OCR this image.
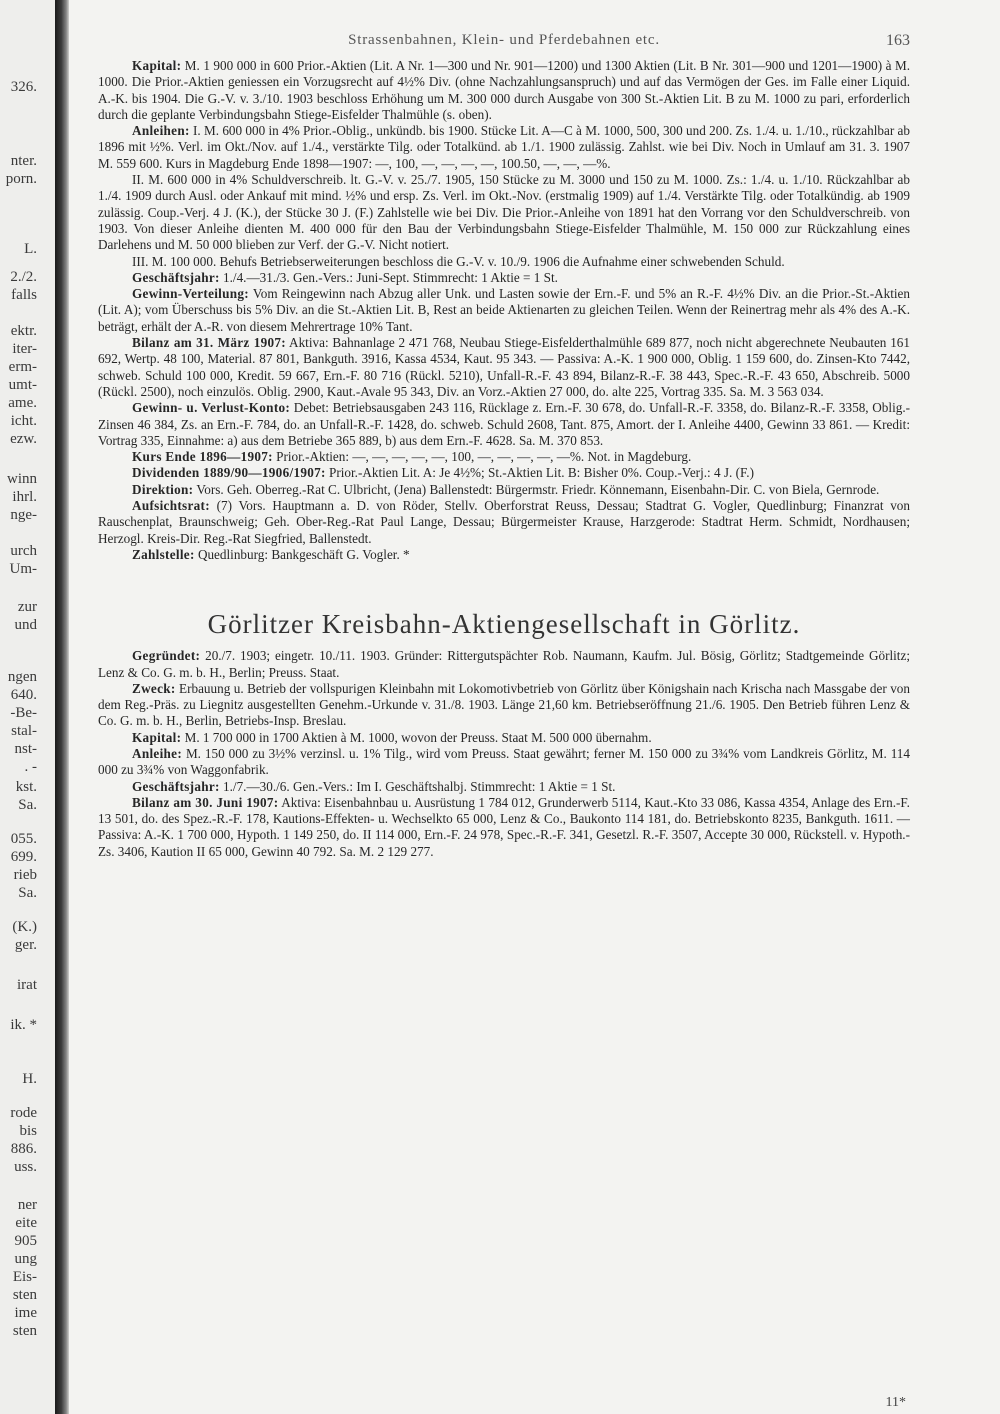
326.
nter.
porn.
L.
2./2.
falls
ektr.
iter-
erm-
umt-
ame.
icht.
ezw.
winn
ihrl.
nge-
urch
Um-
zur
und
ngen
640.
-Be-
stal-
nst-
. -
kst.
Sa.
055.
699.
rieb
Sa.
(K.)
ger.
irat
ik. *
H.
rode
bis
886.
uss.
ner
eite
905
ung
Eis-
sten
ime
sten
Strassenbahnen, Klein- und Pferdebahnen etc.	163

Kapital: M. 1 900 000 in 600 Prior.-Aktien (Lit. A Nr. 1—300 und Nr. 901—1200) und 1300 Aktien (Lit. B Nr. 301—900 und 1201—1900) à M. 1000. Die Prior.-Aktien geniessen ein Vorzugsrecht auf 4½% Div. (ohne Nachzahlungsanspruch) und auf das Vermögen der Ges. im Falle einer Liquid. A.-K. bis 1904. Die G.-V. v. 3./10. 1903 beschloss Erhöhung um M. 300 000 durch Ausgabe von 300 St.-Aktien Lit. B zu M. 1000 zu pari, erforderlich durch die geplante Verbindungsbahn Stiege-Eisfelder Thalmühle (s. oben).

Anleihen: I. M. 600 000 in 4% Prior.-Oblig., unkündb. bis 1900. Stücke Lit. A—C à M. 1000, 500, 300 und 200. Zs. 1./4. u. 1./10., rückzahlbar ab 1896 mit ½%. Verl. im Okt./Nov. auf 1./4., verstärkte Tilg. oder Totalkünd. ab 1./1. 1900 zulässig. Zahlst. wie bei Div. Noch in Umlauf am 31. 3. 1907 M. 559 600. Kurs in Magdeburg Ende 1898—1907: —, 100, —, —, —, —, 100.50, —, —, —%.

II. M. 600 000 in 4% Schuldverschreib. lt. G.-V. v. 25./7. 1905, 150 Stücke zu M. 3000 und 150 zu M. 1000. Zs.: 1./4. u. 1./10. Rückzahlbar ab 1./4. 1909 durch Ausl. oder Ankauf mit mind. ½% und ersp. Zs. Verl. im Okt.-Nov. (erstmalig 1909) auf 1./4. Verstärkte Tilg. oder Totalkündig. ab 1909 zulässig. Coup.-Verj. 4 J. (K.), der Stücke 30 J. (F.) Zahlstelle wie bei Div. Die Prior.-Anleihe von 1891 hat den Vorrang vor den Schuldverschreib. von 1903. Von dieser Anleihe dienten M. 400 000 für den Bau der Verbindungsbahn Stiege-Eisfelder Thalmühle, M. 150 000 zur Rückzahlung eines Darlehens und M. 50 000 blieben zur Verf. der G.-V. Nicht notiert.

III. M. 100 000. Behufs Betriebserweiterungen beschloss die G.-V. v. 10./9. 1906 die Aufnahme einer schwebenden Schuld.

Geschäftsjahr: 1./4.—31./3. Gen.-Vers.: Juni-Sept. Stimmrecht: 1 Aktie = 1 St.

Gewinn-Verteilung: Vom Reingewinn nach Abzug aller Unk. und Lasten sowie der Ern.-F. und 5% an R.-F. 4½% Div. an die Prior.-St.-Aktien (Lit. A); vom Überschuss bis 5% Div. an die St.-Aktien Lit. B, Rest an beide Aktienarten zu gleichen Teilen. Wenn der Reinertrag mehr als 4% des A.-K. beträgt, erhält der A.-R. von diesem Mehrertrage 10% Tant.

Bilanz am 31. März 1907: Aktiva: Bahnanlage 2 471 768, Neubau Stiege-Eisfelderthalmühle 689 877, noch nicht abgerechnete Neubauten 161 692, Wertp. 48 100, Material. 87 801, Bankguth. 3916, Kassa 4534, Kaut. 95 343. — Passiva: A.-K. 1 900 000, Oblig. 1 159 600, do. Zinsen-Kto 7442, schweb. Schuld 100 000, Kredit. 59 667, Ern.-F. 80 716 (Rückl. 5210), Unfall-R.-F. 43 894, Bilanz-R.-F. 38 443, Spec.-R.-F. 43 650, Abschreib. 5000 (Rückl. 2500), noch einzulös. Oblig. 2900, Kaut.-Avale 95 343, Div. an Vorz.-Aktien 27 000, do. alte 225, Vortrag 335. Sa. M. 3 563 034.

Gewinn- u. Verlust-Konto: Debet: Betriebsausgaben 243 116, Rücklage z. Ern.-F. 30 678, do. Unfall-R.-F. 3358, do. Bilanz-R.-F. 3358, Oblig.-Zinsen 46 384, Zs. an Ern.-F. 784, do. an Unfall-R.-F. 1428, do. schweb. Schuld 2608, Tant. 875, Amort. der I. Anleihe 4400, Gewinn 33 861. — Kredit: Vortrag 335, Einnahme: a) aus dem Betriebe 365 889, b) aus dem Ern.-F. 4628. Sa. M. 370 853.

Kurs Ende 1896—1907: Prior.-Aktien: —, —, —, —, —, 100, —, —, —, —, —%. Not. in Magdeburg.

Dividenden 1889/90—1906/1907: Prior.-Aktien Lit. A: Je 4½%; St.-Aktien Lit. B: Bisher 0%. Coup.-Verj.: 4 J. (F.)

Direktion: Vors. Geh. Oberreg.-Rat C. Ulbricht, (Jena) Ballenstedt: Bürgermstr. Friedr. Könnemann, Eisenbahn-Dir. C. von Biela, Gernrode.

Aufsichtsrat: (7) Vors. Hauptmann a. D. von Röder, Stellv. Oberforstrat Reuss, Dessau; Stadtrat G. Vogler, Quedlinburg; Finanzrat von Rauschenplat, Braunschweig; Geh. Ober-Reg.-Rat Paul Lange, Dessau; Bürgermeister Krause, Harzgerode: Stadtrat Herm. Schmidt, Nordhausen; Herzogl. Kreis-Dir. Reg.-Rat Siegfried, Ballenstedt.

Zahlstelle: Quedlinburg: Bankgeschäft G. Vogler. *

Görlitzer Kreisbahn-Aktiengesellschaft in Görlitz.

Gegründet: 20./7. 1903; eingetr. 10./11. 1903. Gründer: Rittergutspächter Rob. Naumann, Kaufm. Jul. Bösig, Görlitz; Stadtgemeinde Görlitz; Lenz & Co. G. m. b. H., Berlin; Preuss. Staat.

Zweck: Erbauung u. Betrieb der vollspurigen Kleinbahn mit Lokomotivbetrieb von Görlitz über Königshain nach Krischa nach Massgabe der von dem Reg.-Präs. zu Liegnitz ausgestellten Genehm.-Urkunde v. 31./8. 1903. Länge 21,60 km. Betriebseröffnung 21./6. 1905. Den Betrieb führen Lenz & Co. G. m. b. H., Berlin, Betriebs-Insp. Breslau.

Kapital: M. 1 700 000 in 1700 Aktien à M. 1000, wovon der Preuss. Staat M. 500 000 übernahm.

Anleihe: M. 150 000 zu 3½% verzinsl. u. 1% Tilg., wird vom Preuss. Staat gewährt; ferner M. 150 000 zu 3¾% vom Landkreis Görlitz, M. 114 000 zu 3¾% von Waggonfabrik.

Geschäftsjahr: 1./7.—30./6. Gen.-Vers.: Im I. Geschäftshalbj. Stimmrecht: 1 Aktie = 1 St.

Bilanz am 30. Juni 1907: Aktiva: Eisenbahnbau u. Ausrüstung 1 784 012, Grunderwerb 5114, Kaut.-Kto 33 086, Kassa 4354, Anlage des Ern.-F. 13 501, do. des Spez.-R.-F. 178, Kautions-Effekten- u. Wechselkto 65 000, Lenz & Co., Baukonto 114 181, do. Betriebskonto 8235, Bankguth. 1611. — Passiva: A.-K. 1 700 000, Hypoth. 1 149 250, do. II 114 000, Ern.-F. 24 978, Spec.-R.-F. 341, Gesetzl. R.-F. 3507, Accepte 30 000, Rückstell. v. Hypoth.-Zs. 3406, Kaution II 65 000, Gewinn 40 792. Sa. M. 2 129 277.

11*
